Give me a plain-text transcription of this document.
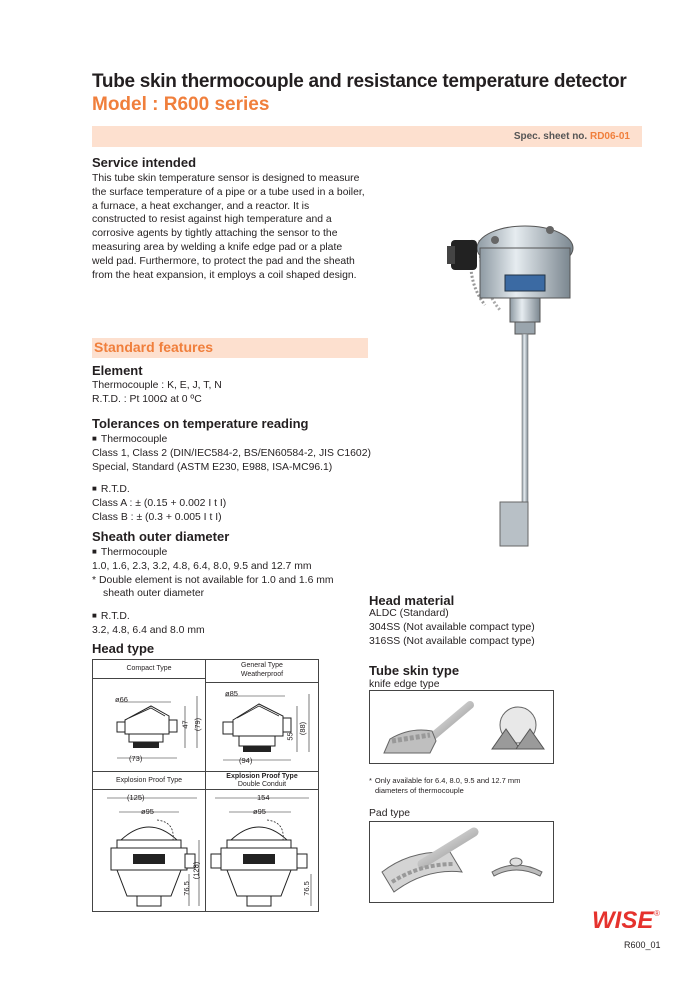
Tube skin thermocouple and resistance temperature detector
Model : R600 series
Spec. sheet no. RD06-01
Service intended
This tube skin temperature sensor is designed to measure
the surface temperature of a pipe or a tube used in a boiler,
a furnace, a heat exchanger, and a reactor. It is
constructed to resist against high temperature and a
corrosive agents by tightly attaching the sensor to the
measuring area by welding a knife edge pad or a plate
weld pad. Furthermore, to protect the pad and the sheath
from the heat expansion, it employs a coil shaped design.
Standard features
Element
Thermocouple : K, E, J, T, N
R.T.D. : Pt 100Ω at 0 ºC
Tolerances on temperature reading
■ Thermocouple
Class 1, Class 2 (DIN/IEC584-2, BS/EN60584-2, JIS C1602)
Special, Standard (ASTM E230, E988, ISA-MC96.1)
■ R.T.D.
Class A : ± (0.15 + 0.002 I t I)
Class B : ± (0.3 + 0.005 I t I)
Sheath outer diameter
■ Thermocouple
1.0, 1.6, 2.3, 3.2, 4.8, 6.4, 8.0, 9.5 and 12.7 mm
* Double element is not available for 1.0 and 1.6 mm
sheath outer diameter
■ R.T.D.
3.2, 4.8, 6.4 and 8.0 mm
Head material
ALDC (Standard)
304SS (Not available compact type)
316SS (Not available compact type)
Head type
Compact Type	General Type
Weatherproof
Explosion Proof Type
Explosion Proof Type
Double Conduit
ø66
47 (79)
(73)
ø85
55
(88)
(94)
(125)
ø95
76.5
(128)
154
ø95
76.5
Tube skin type
knife edge type
* Only available for 6.4, 8.0, 9.5 and 12.7 mm
diameters of thermocouple
Pad type
WISE ®
R600_01
